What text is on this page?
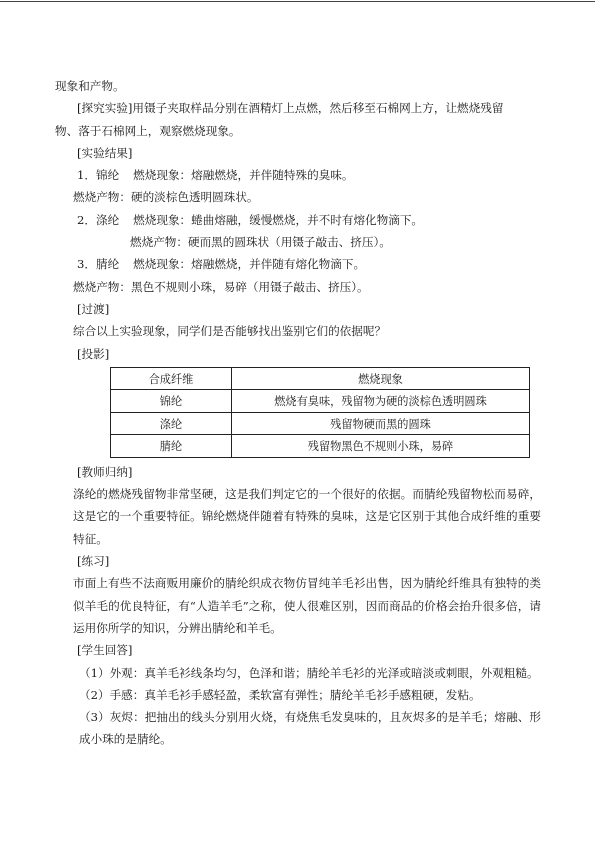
现象和产物。

[探究实验]用镊子夹取样品分别在酒精灯上点燃，然后移至石棉网上方，让燃烧残留

物、落于石棉网上，观察燃烧现象。

[实验结果]

1．锦纶 燃烧现象：熔融燃烧，并伴随特殊的臭味。

燃烧产物：硬的淡棕色透明圆珠状。

2．涤纶 燃烧现象：蜷曲熔融，缓慢燃烧，并不时有熔化物滴下。

燃烧产物：硬而黑的圆珠状（用镊子敲击、挤压）。

3．腈纶 燃烧现象：熔融燃烧，并伴随有熔化物滴下。

燃烧产物：黑色不规则小珠，易碎（用镊子敲击、挤压）。

[过渡]

综合以上实验现象，同学们是否能够找出鉴别它们的依据呢？

[投影]

合成纤维	燃烧现象
锦纶	燃烧有臭味，残留物为硬的淡棕色透明圆珠
涤纶	残留物硬而黑的圆珠
腈纶	残留物黑色不规则小珠，易碎

[教师归纳]

涤纶的燃烧残留物非常坚硬，这是我们判定它的一个很好的依据。而腈纶残留物松而易碎，这是它的一个重要特征。锦纶燃烧伴随着有特殊的臭味，这是它区别于其他合成纤维的重要特征。

[练习]

市面上有些不法商贩用廉价的腈纶织成衣物仿冒纯羊毛衫出售，因为腈纶纤维具有独特的类似羊毛的优良特征，有“人造羊毛”之称，使人很难区别，因而商品的价格会抬升很多倍，请运用你所学的知识，分辨出腈纶和羊毛。

[学生回答]

（1）外观：真羊毛衫线条均匀，色泽和谐；腈纶羊毛衫的光泽或暗淡或刺眼，外观粗糙。

（2）手感：真羊毛衫手感轻盈，柔软富有弹性；腈纶羊毛衫手感粗硬，发粘。

（3）灰烬：把抽出的线头分别用火烧，有烧焦毛发臭味的，且灰烬多的是羊毛；熔融、形成小珠的是腈纶。
